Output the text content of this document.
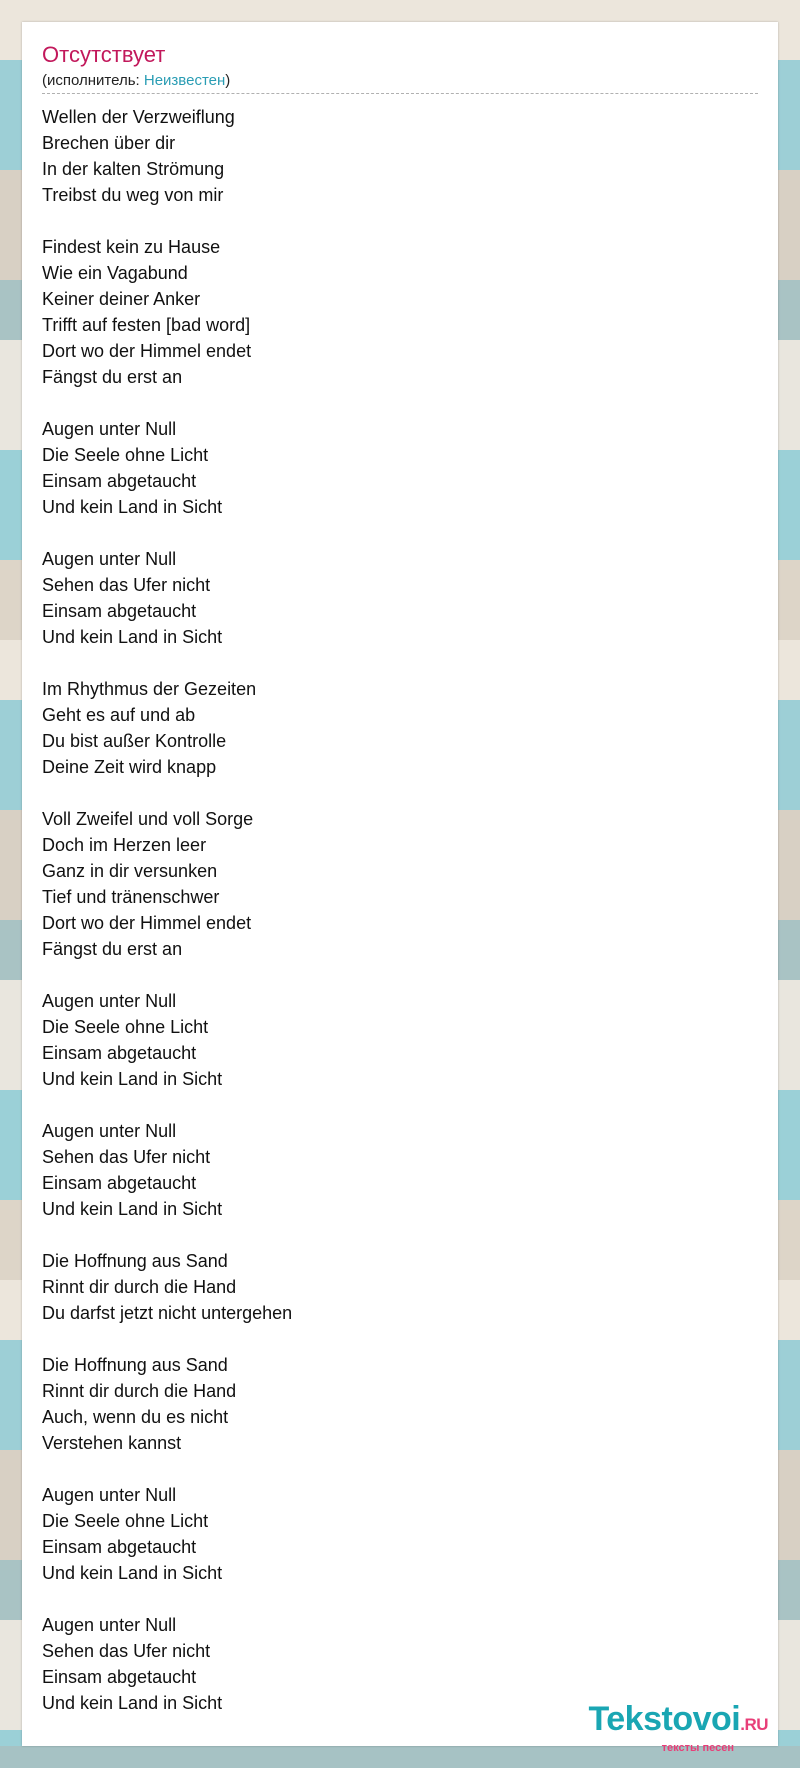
Отсутствует
(исполнитель: Неизвестен)
Wellen der Verzweiflung
Brechen über dir
In der kalten Strömung
Treibst du weg von mir
Findest kein zu Hause
Wie ein Vagabund
Keiner deiner Anker
Trifft auf festen [bad word]
Dort wo der Himmel endet
Fängst du erst an
Augen unter Null
Die Seele ohne Licht
Einsam abgetaucht
Und kein Land in Sicht
Augen unter Null
Sehen das Ufer nicht
Einsam abgetaucht
Und kein Land in Sicht
Im Rhythmus der Gezeiten
Geht es auf und ab
Du bist außer Kontrolle
Deine Zeit wird knapp
Voll Zweifel und voll Sorge
Doch im Herzen leer
Ganz in dir versunken
Tief und tränenschwer
Dort wo der Himmel endet
Fängst du erst an
Augen unter Null
Die Seele ohne Licht
Einsam abgetaucht
Und kein Land in Sicht
Augen unter Null
Sehen das Ufer nicht
Einsam abgetaucht
Und kein Land in Sicht
Die Hoffnung aus Sand
Rinnt dir durch die Hand
Du darfst jetzt nicht untergehen
Die Hoffnung aus Sand
Rinnt dir durch die Hand
Auch, wenn du es nicht
Verstehen kannst
Augen unter Null
Die Seele ohne Licht
Einsam abgetaucht
Und kein Land in Sicht
Augen unter Null
Sehen das Ufer nicht
Einsam abgetaucht
Und kein Land in Sicht	Tekstovoi.RU
тексты песен
